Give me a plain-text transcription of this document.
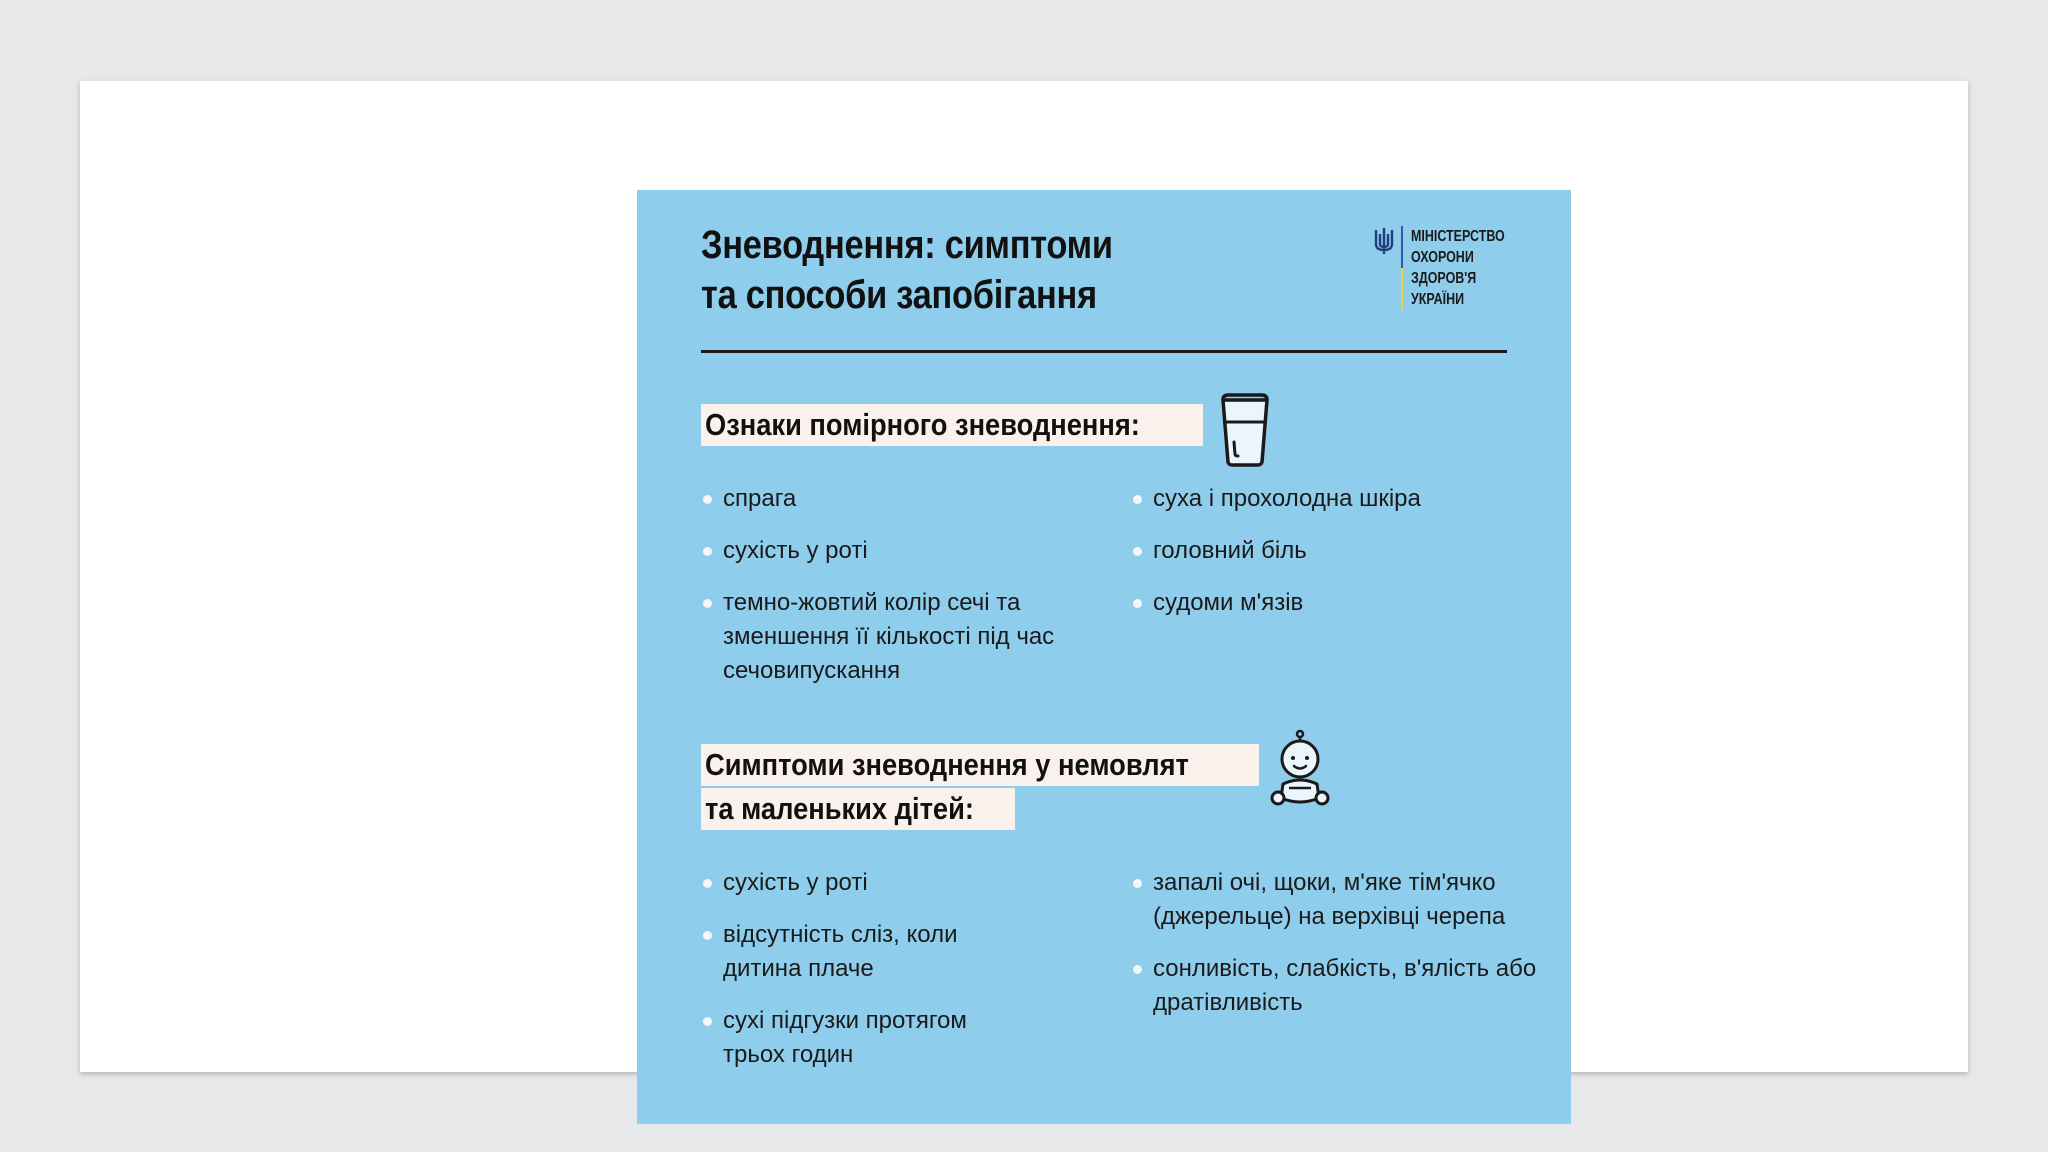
Зневоднення: симптоми
та способи запобігання
МІНІСТЕРСТВО
ОХОРОНИ
ЗДОРОВ'Я
УКРАЇНИ
Ознаки помірного зневоднення:
спрага
сухість у роті
темно-жовтий колір сечі та зменшення її кількості під час сечовипускання
суха і прохолодна шкіра
головний біль
судоми м'язів
Симптоми зневоднення у немовлят
та маленьких дітей:
сухість у роті
відсутність сліз, коли дитина плаче
сухі підгузки протягом трьох годин
запалі очі, щоки, м'яке тім'ячко (джерельце) на верхівці черепа
сонливість, слабкість, в'ялість або дратівливість
